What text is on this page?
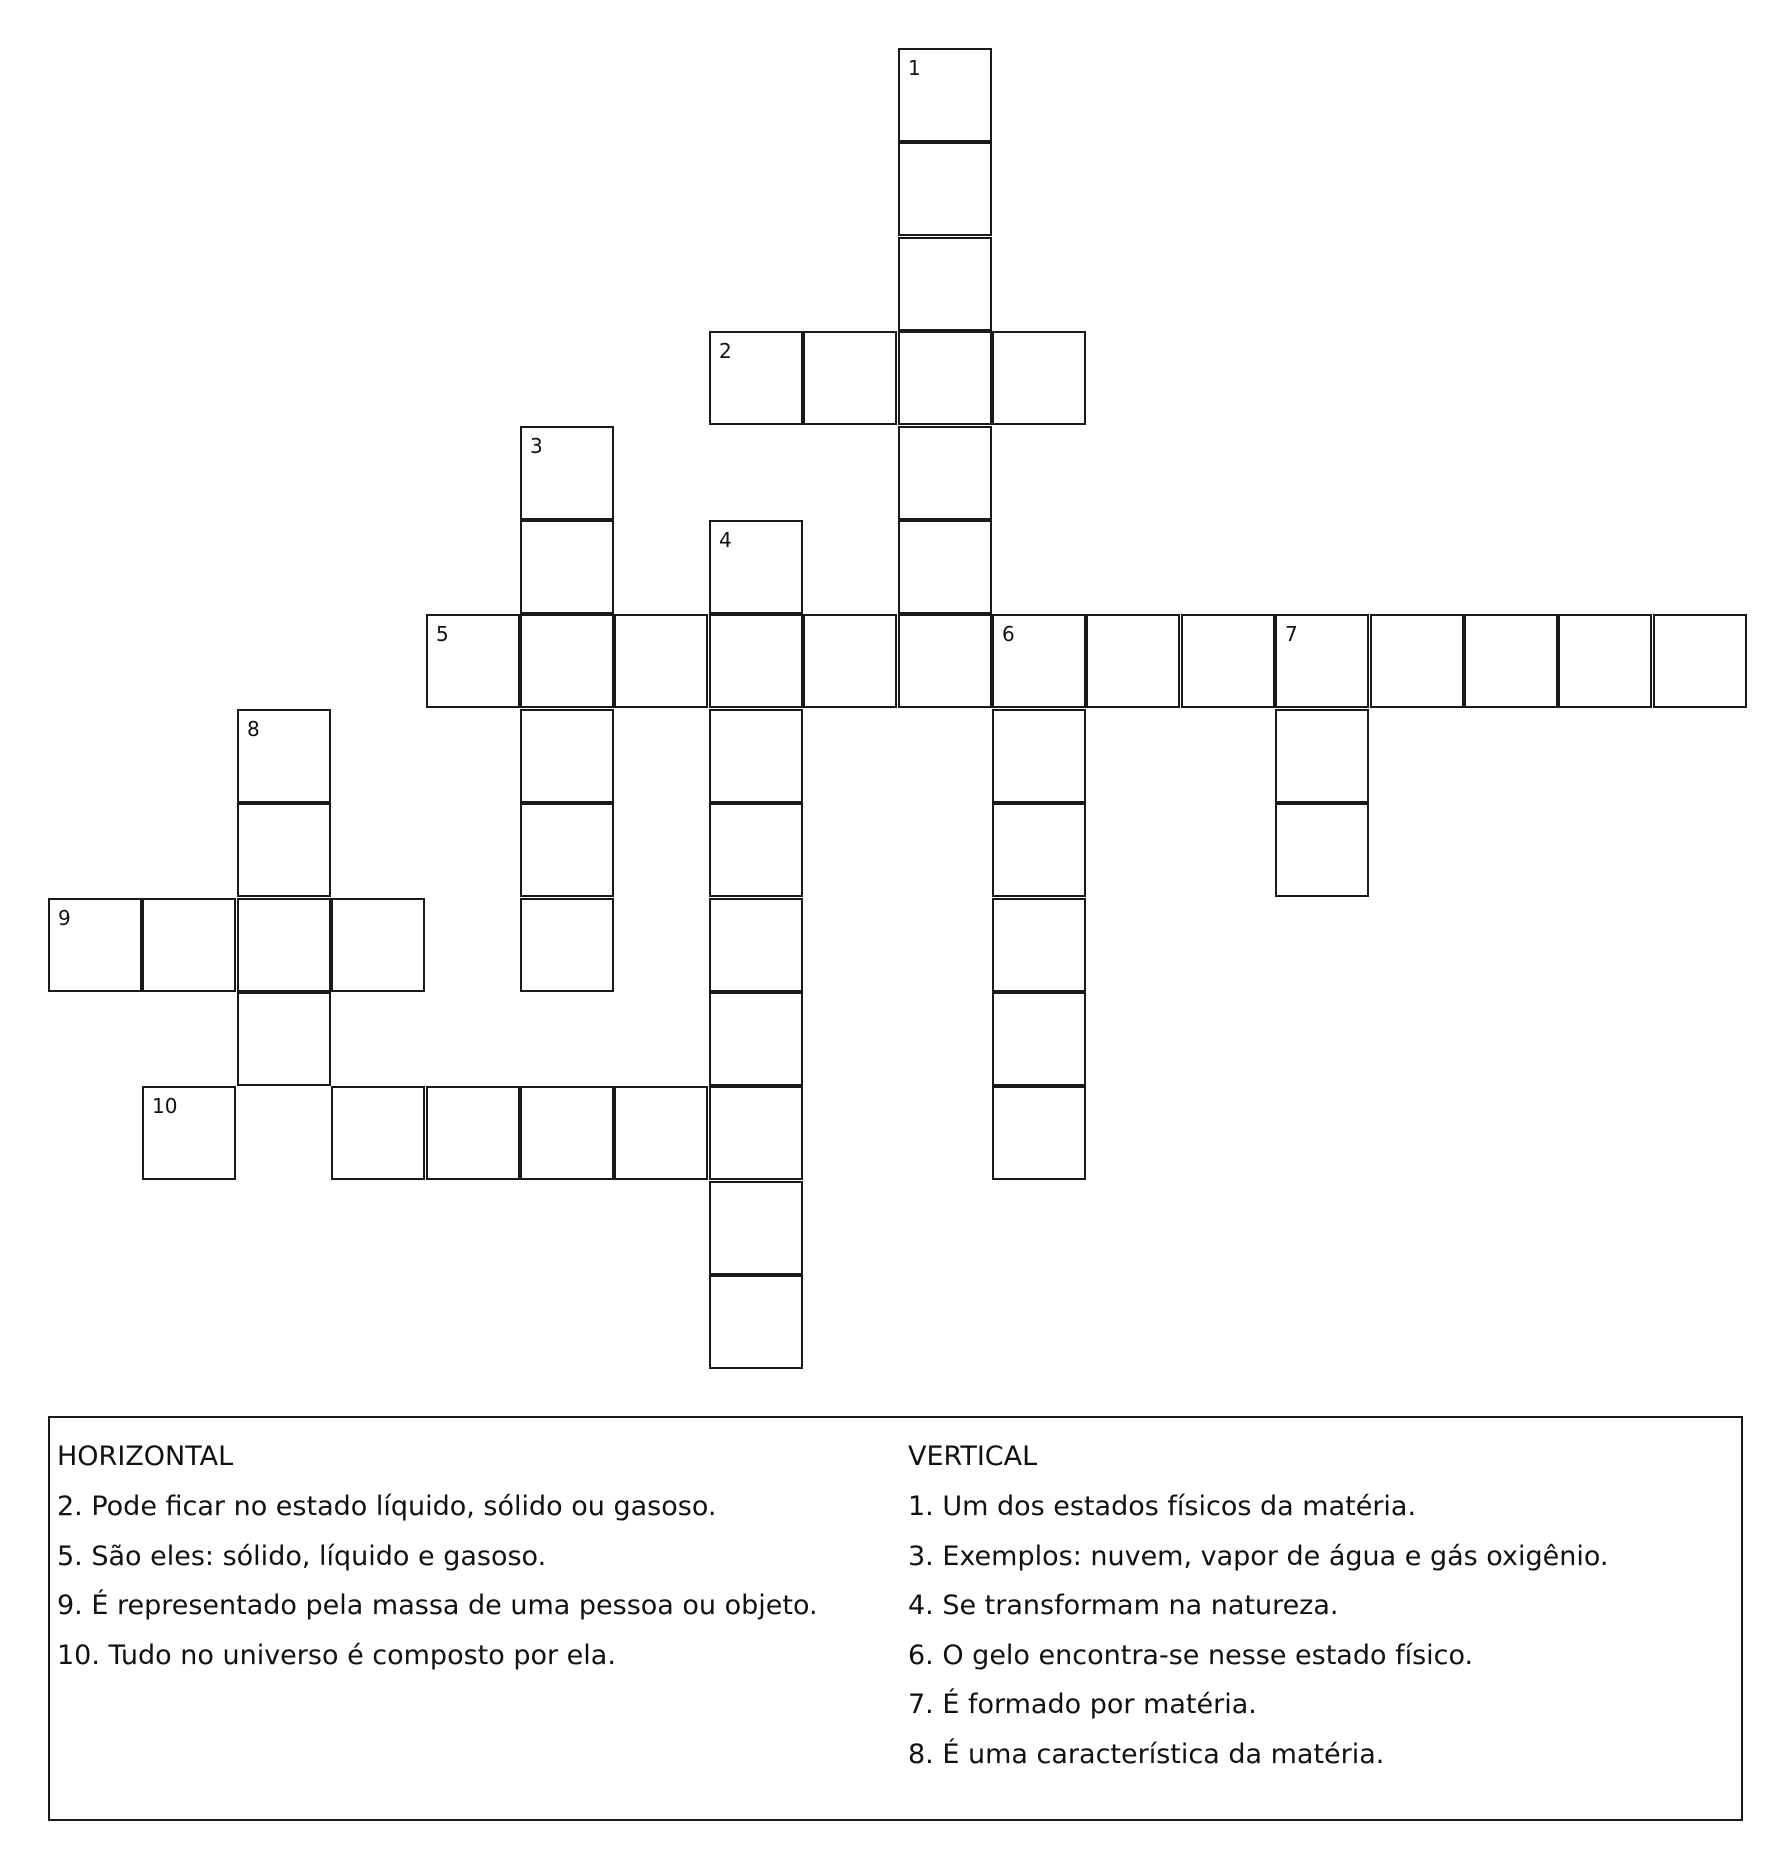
1
2
3
4
5	6	7
8
9
10
HORIZONTAL
2. Pode ficar no estado líquido, sólido ou gasoso.
5. São eles: sólido, líquido e gasoso.
9. É representado pela massa de uma pessoa ou objeto.
10. Tudo no universo é composto por ela.
VERTICAL
1. Um dos estados físicos da matéria.
3. Exemplos: nuvem, vapor de água e gás oxigênio.
4. Se transformam na natureza.
6. O gelo encontra-se nesse estado físico.
7. É formado por matéria.
8. É uma característica da matéria.
